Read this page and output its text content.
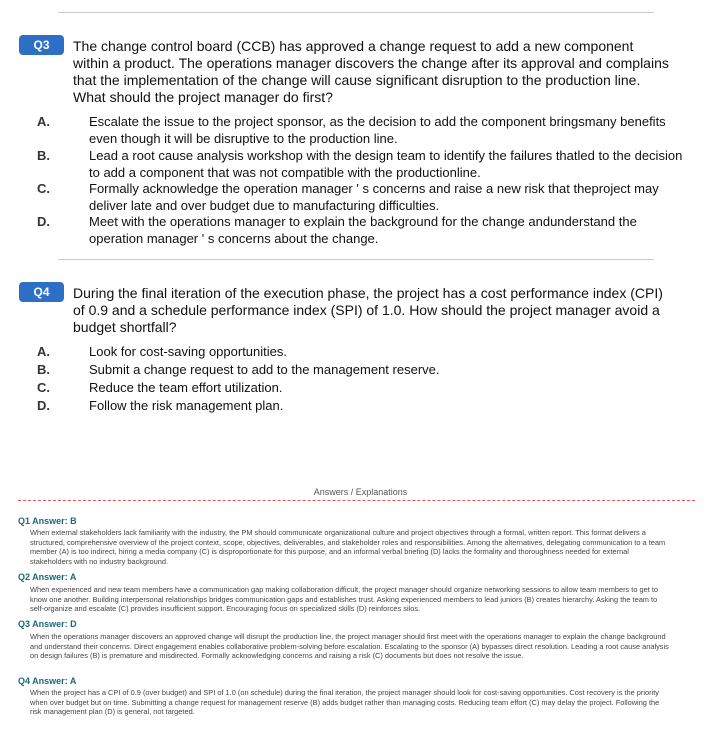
Q3	The change control board (CCB) has approved a change request to add a new component within a product. The operations manager discovers the change after its approval and complains that the implementation of the change will cause significant disruption to the production line. What should the project manager do first?
A.	Escalate the issue to the project sponsor, as the decision to add the component bringsmany benefits even though it will be disruptive to the production line.
B.	Lead a root cause analysis workshop with the design team to identify the failures thatled to the decision to add a component that was not compatible with the productionline.
C.	Formally acknowledge the operation manager ' s concerns and raise a new risk that theproject may deliver late and over budget due to manufacturing difficulties.
D.	Meet with the operations manager to explain the background for the change andunderstand the operation manager ' s concerns about the change.
Q4	During the final iteration of the execution phase, the project has a cost performance index (CPI) of 0.9 and a schedule performance index (SPI) of 1.0. How should the project manager avoid a budget shortfall?
A.	Look for cost-saving opportunities.
B.	Submit a change request to add to the management reserve.
C.	Reduce the team effort utilization.
D.	Follow the risk management plan.
Answers / Explanations
Q1 Answer: B
When external stakeholders lack familiarity with the industry, the PM should communicate organizational culture and project objectives through a formal, written report. This format delivers a structured, comprehensive overview of the project context, scope, objectives, deliverables, and stakeholder roles and responsibilities. Among the alternatives, delegating communication to a team member (A) is too indirect, hiring a media company (C) is disproportionate for this purpose, and an informal verbal briefing (D) lacks the formality and thoroughness needed for external stakeholders with no industry background.
Q2 Answer: A
When experienced and new team members have a communication gap making collaboration difficult, the project manager should organize networking sessions to allow team members to get to know one another. Building interpersonal relationships bridges communication gaps and establishes trust. Asking experienced members to lead juniors (B) creates hierarchy. Asking the team to self-organize and escalate (C) provides insufficient support. Encouraging focus on specialized skills (D) reinforces silos.
Q3 Answer: D
When the operations manager discovers an approved change will disrupt the production line, the project manager should first meet with the operations manager to explain the change background and understand their concerns. Direct engagement enables collaborative problem-solving before escalation. Escalating to the sponsor (A) bypasses direct resolution. Leading a root cause analysis on design failures (B) is premature and misdirected. Formally acknowledging concerns and raising a risk (C) documents but does not resolve the issue.
Q4 Answer: A
When the project has a CPI of 0.9 (over budget) and SPI of 1.0 (on schedule) during the final iteration, the project manager should look for cost-saving opportunities. Cost recovery is the priority when over budget but on time. Submitting a change request for management reserve (B) adds budget rather than managing costs. Reducing team effort (C) may delay the project. Following the risk management plan (D) is general, not targeted.
